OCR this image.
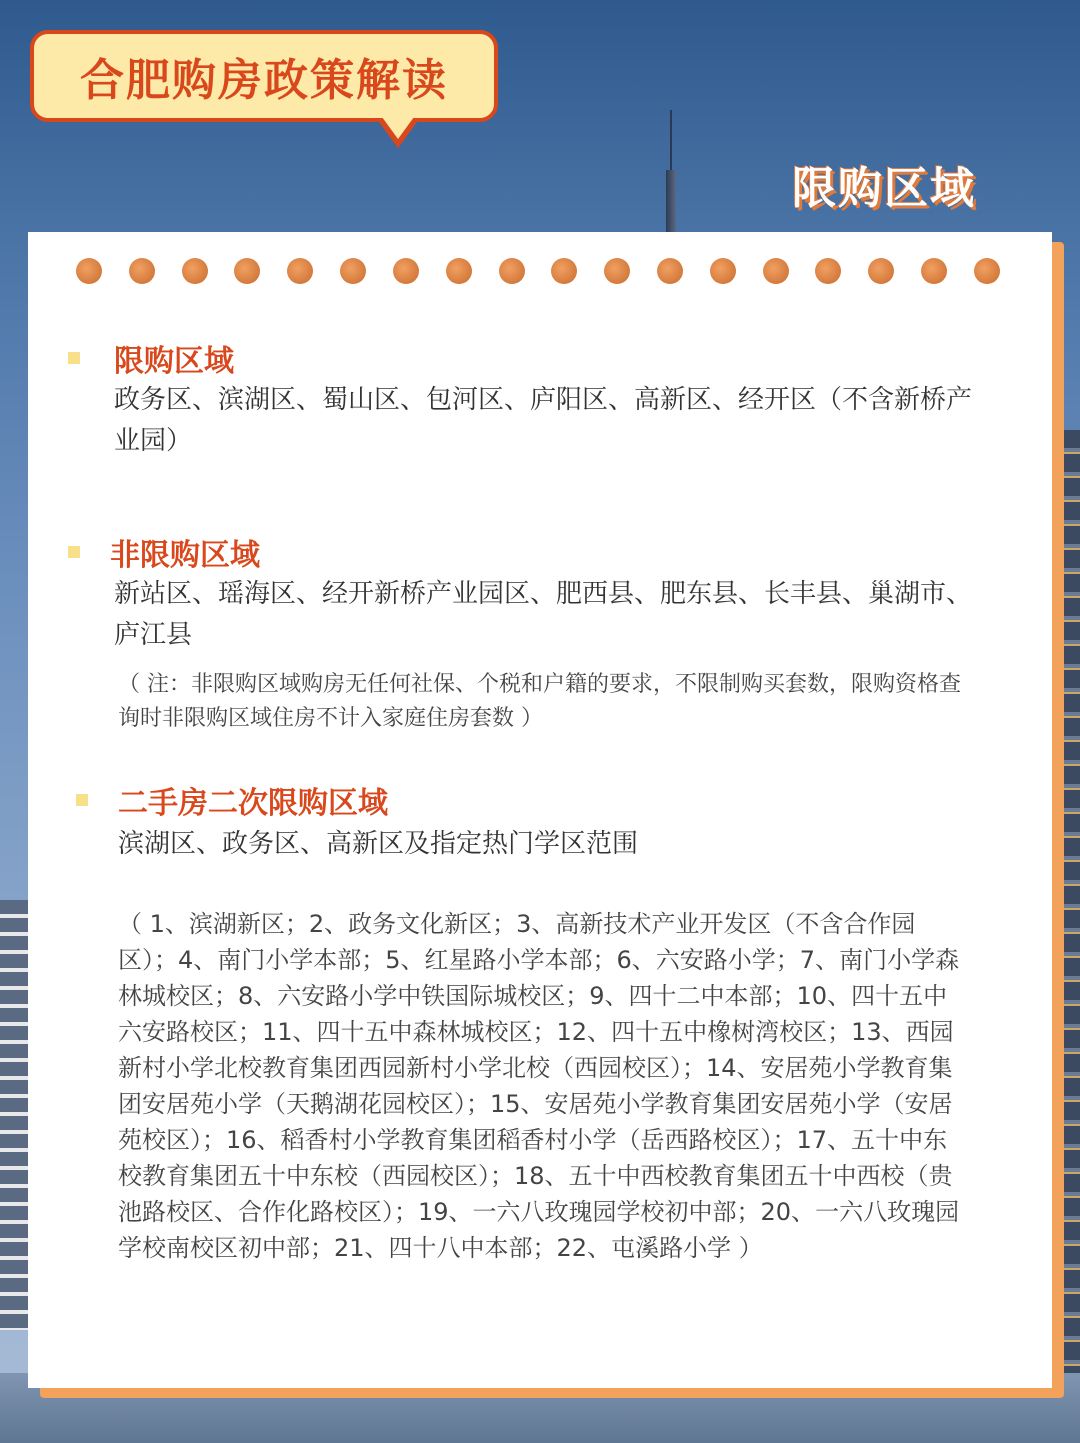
合肥购房政策解读
限购区域
限购区域
政务区、滨湖区、蜀山区、包河区、庐阳区、高新区、经开区（不含新桥产业园）
非限购区域
新站区、瑶海区、经开新桥产业园区、肥西县、肥东县、长丰县、巢湖市、庐江县
（ 注：非限购区域购房无任何社保、个税和户籍的要求，不限制购买套数，限购资格查询时非限购区域住房不计入家庭住房套数 ）
二手房二次限购区域
滨湖区、政务区、高新区及指定热门学区范围
（ 1、滨湖新区；2、政务文化新区；3、高新技术产业开发区（不含合作园区）；4、南门小学本部；5、红星路小学本部；6、六安路小学；7、南门小学森林城校区；8、六安路小学中铁国际城校区；9、四十二中本部；10、四十五中六安路校区；11、四十五中森林城校区；12、四十五中橡树湾校区；13、西园新村小学北校教育集团西园新村小学北校（西园校区）；14、安居苑小学教育集团安居苑小学（天鹅湖花园校区）；15、安居苑小学教育集团安居苑小学（安居苑校区）；16、稻香村小学教育集团稻香村小学（岳西路校区）；17、五十中东校教育集团五十中东校（西园校区）；18、五十中西校教育集团五十中西校（贵池路校区、合作化路校区）；19、一六八玫瑰园学校初中部；20、一六八玫瑰园学校南校区初中部；21、四十八中本部；22、屯溪路小学 ）
